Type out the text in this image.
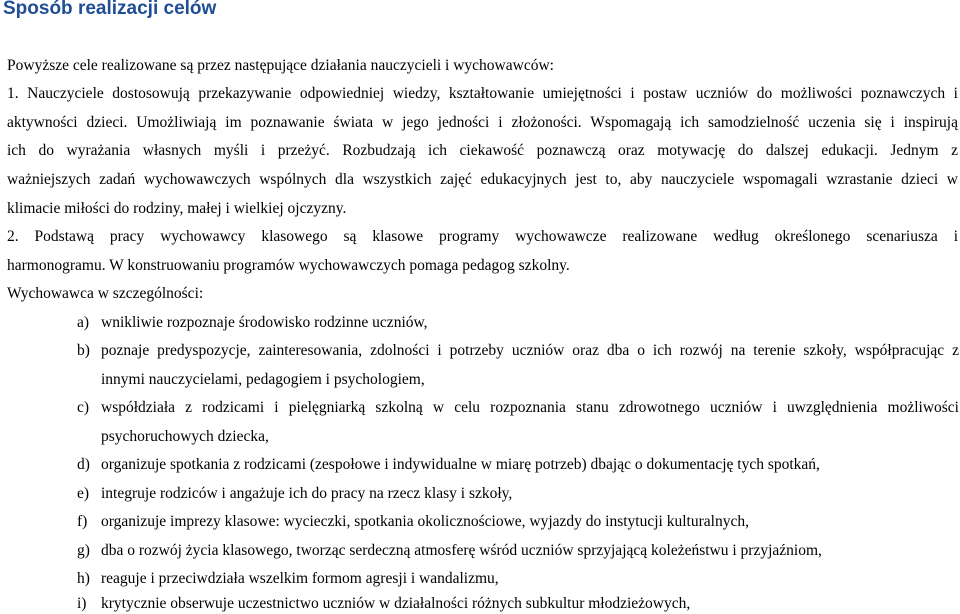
Sposób realizacji celów
Powyższe cele realizowane są przez następujące działania nauczycieli i wychowawców:
1. Nauczyciele dostosowują przekazywanie odpowiedniej wiedzy, kształtowanie umiejętności i postaw uczniów do możliwości poznawczych i
aktywności dzieci. Umożliwiają im poznawanie świata w jego jedności i złożoności. Wspomagają ich samodzielność uczenia się i inspirują
ich do wyrażania własnych myśli i przeżyć. Rozbudzają ich ciekawość poznawczą oraz motywację do dalszej edukacji. Jednym z
ważniejszych zadań wychowawczych wspólnych dla wszystkich zajęć edukacyjnych jest to, aby nauczyciele wspomagali wzrastanie dzieci w
klimacie miłości do rodziny, małej i wielkiej ojczyzny.
2. Podstawą pracy wychowawcy klasowego są klasowe programy wychowawcze realizowane według określonego scenariusza i
harmonogramu. W konstruowaniu programów wychowawczych pomaga pedagog szkolny.
Wychowawca w szczególności:
a) wnikliwie rozpoznaje środowisko rodzinne uczniów,
b) poznaje predyspozycje, zainteresowania, zdolności i potrzeby uczniów oraz dba o ich rozwój na terenie szkoły, współpracując z
innymi nauczycielami, pedagogiem i psychologiem,
c) współdziała z rodzicami i pielęgniarką szkolną w celu rozpoznania stanu zdrowotnego uczniów i uwzględnienia możliwości
psychoruchowych dziecka,
d) organizuje spotkania z rodzicami (zespołowe i indywidualne w miarę potrzeb) dbając o dokumentację tych spotkań,
e) integruje rodziców i angażuje ich do pracy na rzecz klasy i szkoły,
f) organizuje imprezy klasowe: wycieczki, spotkania okolicznościowe, wyjazdy do instytucji kulturalnych,
g) dba o rozwój życia klasowego, tworząc serdeczną atmosferę wśród uczniów sprzyjającą koleżeństwu i przyjaźniom,
h) reaguje i przeciwdziała wszelkim formom agresji i wandalizmu,
i) krytycznie obserwuje uczestnictwo uczniów w działalności różnych subkultur młodzieżowych,
